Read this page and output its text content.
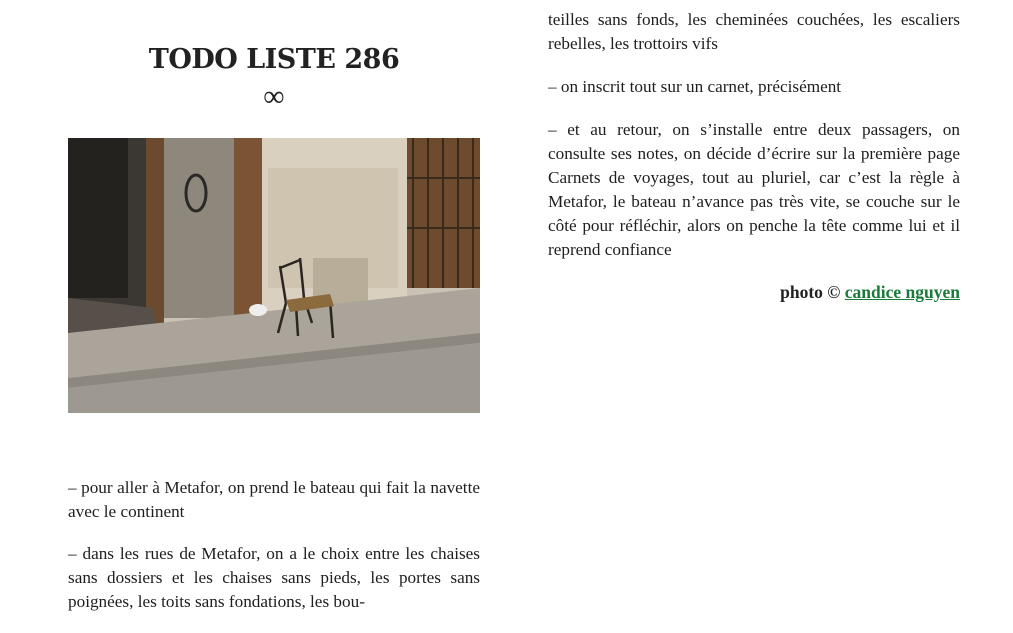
TODO LISTE 286
∞

– pour aller à Metafor, on prend le bateau qui fait la navette avec le continent

– dans les rues de Metafor, on a le choix entre les chaises sans dossiers et les chaises sans pieds, les portes sans poignées, les toits sans fondations, les bou-

teilles sans fonds, les cheminées couchées, les escaliers rebelles, les trottoirs vifs

– on inscrit tout sur un carnet, précisément

– et au retour, on s’installe entre deux passagers, on consulte ses notes, on décide d’écrire sur la première page Carnets de voyages, tout au pluriel, car c’est la règle à Metafor, le bateau n’avance pas très vite, se couche sur le côté pour réfléchir, alors on penche la tête comme lui et il reprend confiance

photo © candice nguyen
